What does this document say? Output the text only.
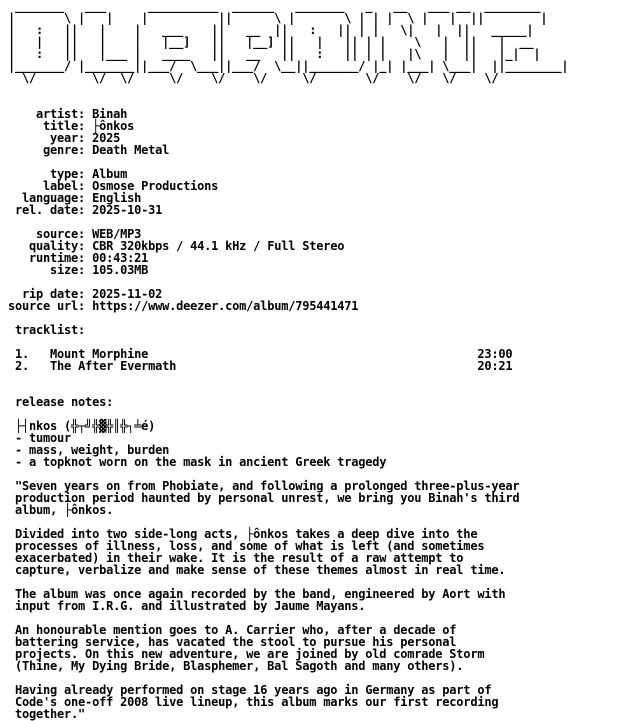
_______   ___      __________  ______   _______   _   __   ___ __  ________
|       \ |   |    |          ||      \ |       \ | | |  \ |   |  ||        |
|   :   ||   |    |   ___    ||   __  ||   :   || | |   \|   |  ||   _____|
|   |   ||   |    |   |__]   ||   |__] ||   |   || | |    \   |  ||   |  __
|   :   ||   |___ |   ____   ||   __   ||   :   || | |   |\   |  ||   |_|  |
|_______/ |_______||___/  \___||___/  \__||_______/ |_| |___| \___|  ||________|
\/        \/  \/     \/    \/    \/     \/       \/    \/   \/    \/

artist: Binah
title: ├ônkos
year: 2025
genre: Death Metal

type: Album
label: Osmose Productions
language: English
rel. date: 2025-10-31

source: WEB/MP3
quality: CBR 320kbps / 44.1 kHz / Full Stereo
runtime: 00:43:21
size: 105.03MB

rip date: 2025-11-02
source url: https://www.deezer.com/album/795441471

tracklist:

1. Mount Morphine	23:00
2. The After Evermath	20:21

release notes:

├┤nkos (╬┬╝╬▓╬║╬┐╧é)
- tumour
- mass, weight, burden
- a topknot worn on the mask in ancient Greek tragedy

"Seven years on from Phobiate, and following a prolonged three-plus-year
production period haunted by personal unrest, we bring you Binah's third
album, ├ônkos.

Divided into two side-long acts, ├ônkos takes a deep dive into the
processes of illness, loss, and some of what is left (and sometimes
exacerbated) in their wake. It is the result of a raw attempt to
capture, verbalize and make sense of these themes almost in real time.

The album was once again recorded by the band, engineered by Aort with
input from I.R.G. and illustrated by Jaume Mayans.

An honourable mention goes to A. Carrier who, after a decade of
battering service, has vacated the stool to pursue his personal
projects. On this new adventure, we are joined by old comrade Storm
(Thine, My Dying Bride, Blasphemer, Bal Sagoth and many others).

Having already performed on stage 16 years ago in Germany as part of
Code's one-off 2008 live lineup, this album marks our first recording
together."
